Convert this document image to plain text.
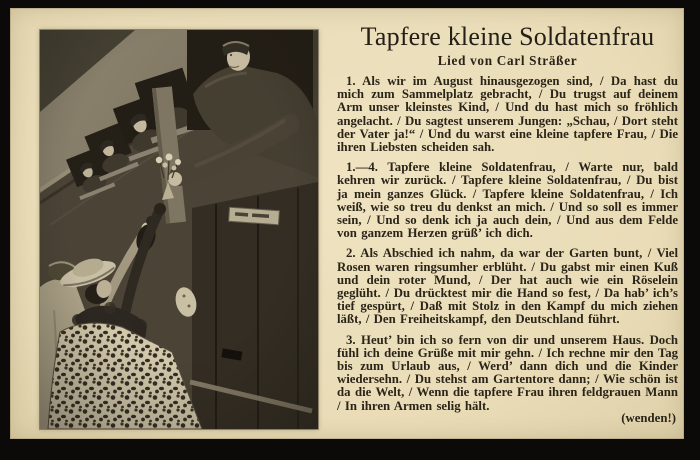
Tapfere kleine Soldatenfrau
Lied von Carl Sträßer

1. Als wir im August hinausgezogen sind, / Da hast du mich zum Sammelplatz gebracht, / Du trugst auf deinem Arm unser kleinstes Kind, / Und du hast mich so fröhlich angelacht. / Du sagtest unserem Jungen: „Schau, / Dort steht der Vater ja!“ / Und du warst eine kleine tapfere Frau, / Die ihren Liebsten scheiden sah.

1.—4. Tapfere kleine Soldatenfrau, / Warte nur, bald kehren wir zurück. / Tapfere kleine Soldatenfrau, / Du bist ja mein ganzes Glück. / Tapfere kleine Soldatenfrau, / Ich weiß, wie so treu du denkst an mich. / Und so soll es immer sein, / Und so denk ich ja auch dein, / Und aus dem Felde von ganzem Herzen grüß’ ich dich.

2. Als Abschied ich nahm, da war der Garten bunt, / Viel Rosen waren ringsumher erblüht. / Du gabst mir einen Kuß und dein roter Mund, / Der hat auch wie ein Röselein geglüht. / Du drücktest mir die Hand so fest, / Da hab’ ich’s tief gespürt, / Daß mit Stolz in den Kampf du mich ziehen läßt, / Den Freiheitskampf, den Deutschland führt.

3. Heut’ bin ich so fern von dir und unserem Haus. Doch fühl ich deine Grüße mit mir gehn. / Ich rechne mir den Tag bis zum Urlaub aus, / Werd’ dann dich und die Kinder wiedersehn. / Du stehst am Gartentore dann; / Wie schön ist da die Welt, / Wenn die tapfere Frau ihren feldgrauen Mann / In ihren Armen selig hält.

(wenden!)
